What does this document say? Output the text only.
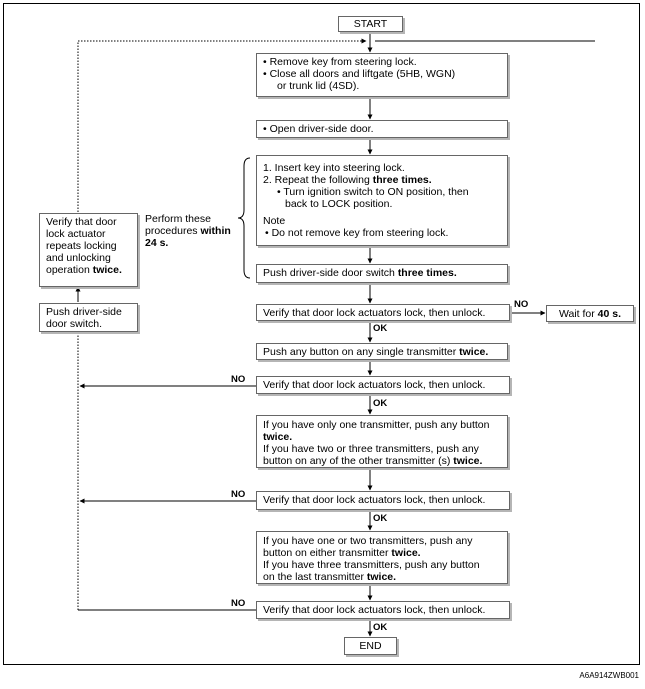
START
• Remove key from steering lock.
• Close all doors and liftgate (5HB, WGN)
or trunk lid (4SD).
• Open driver-side door.
1. Insert key into steering lock.
2. Repeat the following three times.
• Turn ignition switch to ON position, then
back to LOCK position.
Note
• Do not remove key from steering lock.
Push driver-side door switch three times.
Verify that door lock actuators lock, then unlock.	Wait for 40 s.
Push any button on any single transmitter twice.
Verify that door lock actuators lock, then unlock.
If you have only one transmitter, push any button
twice.
If you have two or three transmitters, push any
button on any of the other transmitter (s) twice.
Verify that door lock actuators lock, then unlock.
If you have one or two transmitters, push any
button on either transmitter twice.
If you have three transmitters, push any button
on the last transmitter twice.
Verify that door lock actuators lock, then unlock.
END
Verify that door
lock actuator
repeats locking
and unlocking
operation twice.
Push driver-side
door switch.
Perform these
procedures within
24 s.
OK
OK
OK
OK
NO
NO
NO
NO
A6A914ZWB001
